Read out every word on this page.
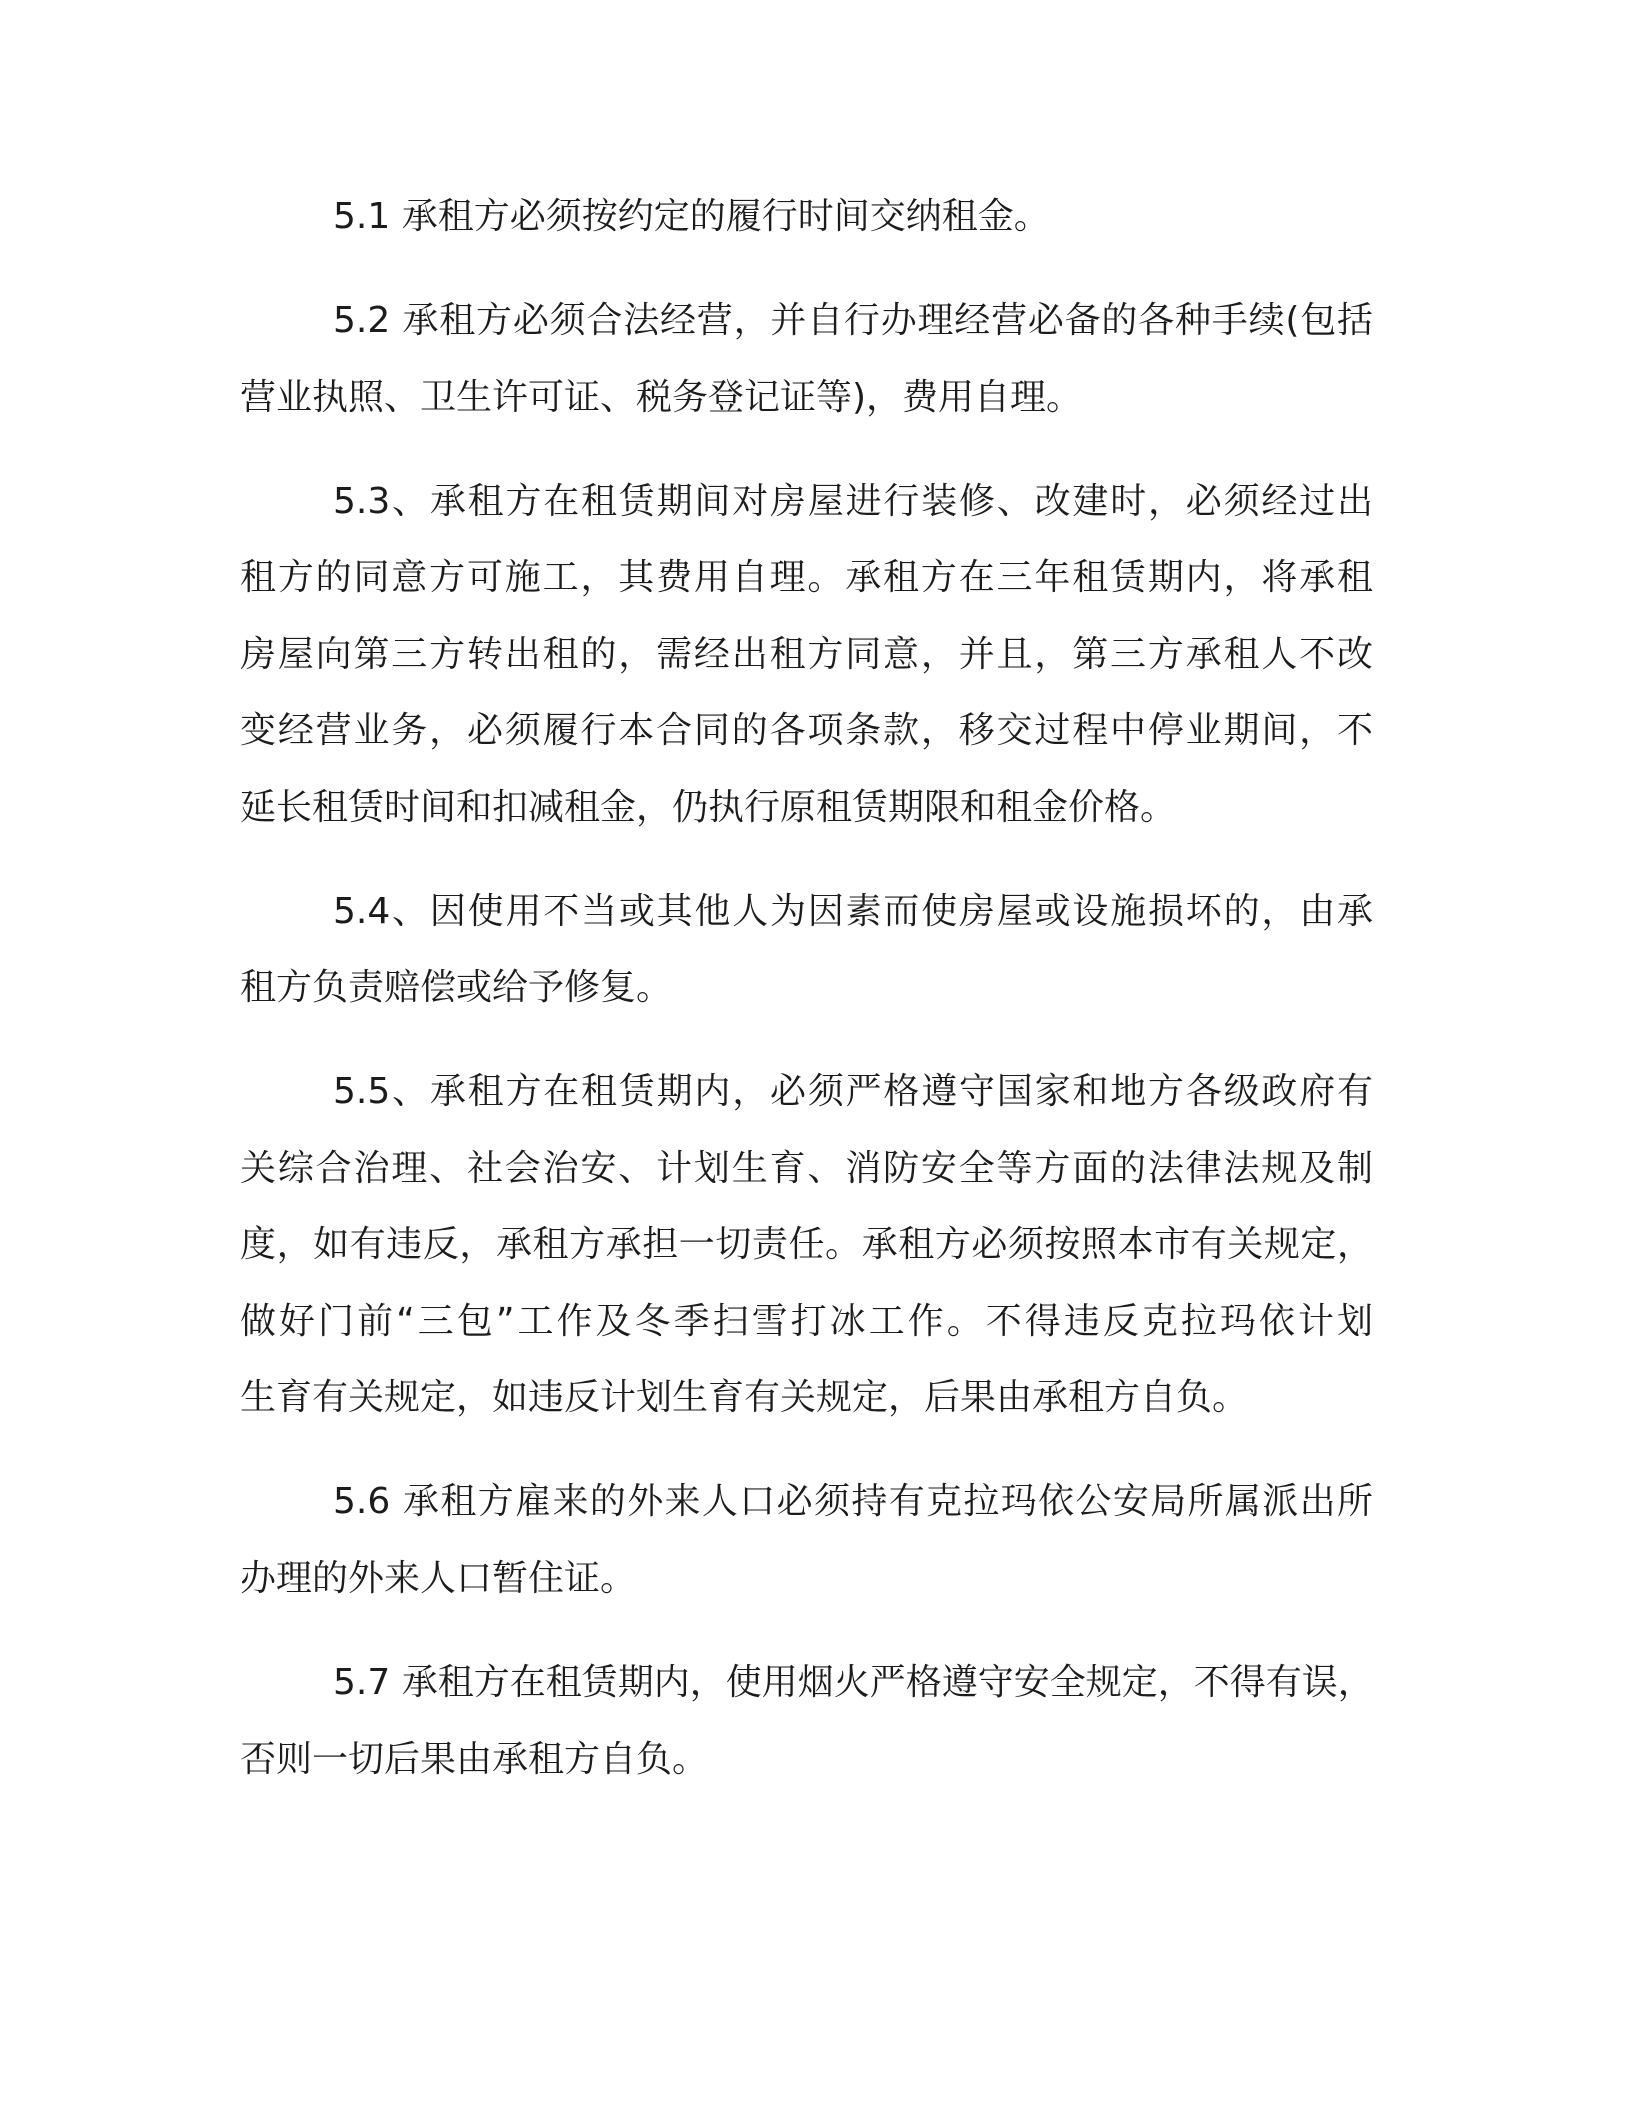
5.1 承租方必须按约定的履行时间交纳租金。
5.2 承租方必须合法经营，并自行办理经营必备的各种手续(包括
营业执照、卫生许可证、税务登记证等)，费用自理。
5.3、承租方在租赁期间对房屋进行装修、改建时，必须经过出
租方的同意方可施工，其费用自理。承租方在三年租赁期内，将承租
房屋向第三方转出租的，需经出租方同意，并且，第三方承租人不改
变经营业务，必须履行本合同的各项条款，移交过程中停业期间，不
延长租赁时间和扣减租金，仍执行原租赁期限和租金价格。
5.4、因使用不当或其他人为因素而使房屋或设施损坏的，由承
租方负责赔偿或给予修复。
5.5、承租方在租赁期内，必须严格遵守国家和地方各级政府有
关综合治理、社会治安、计划生育、消防安全等方面的法律法规及制
度，如有违反，承租方承担一切责任。承租方必须按照本市有关规定，
做好门前“三包”工作及冬季扫雪打冰工作。不得违反克拉玛依计划
生育有关规定，如违反计划生育有关规定，后果由承租方自负。
5.6 承租方雇来的外来人口必须持有克拉玛依公安局所属派出所
办理的外来人口暂住证。
5.7 承租方在租赁期内，使用烟火严格遵守安全规定，不得有误，
否则一切后果由承租方自负。
